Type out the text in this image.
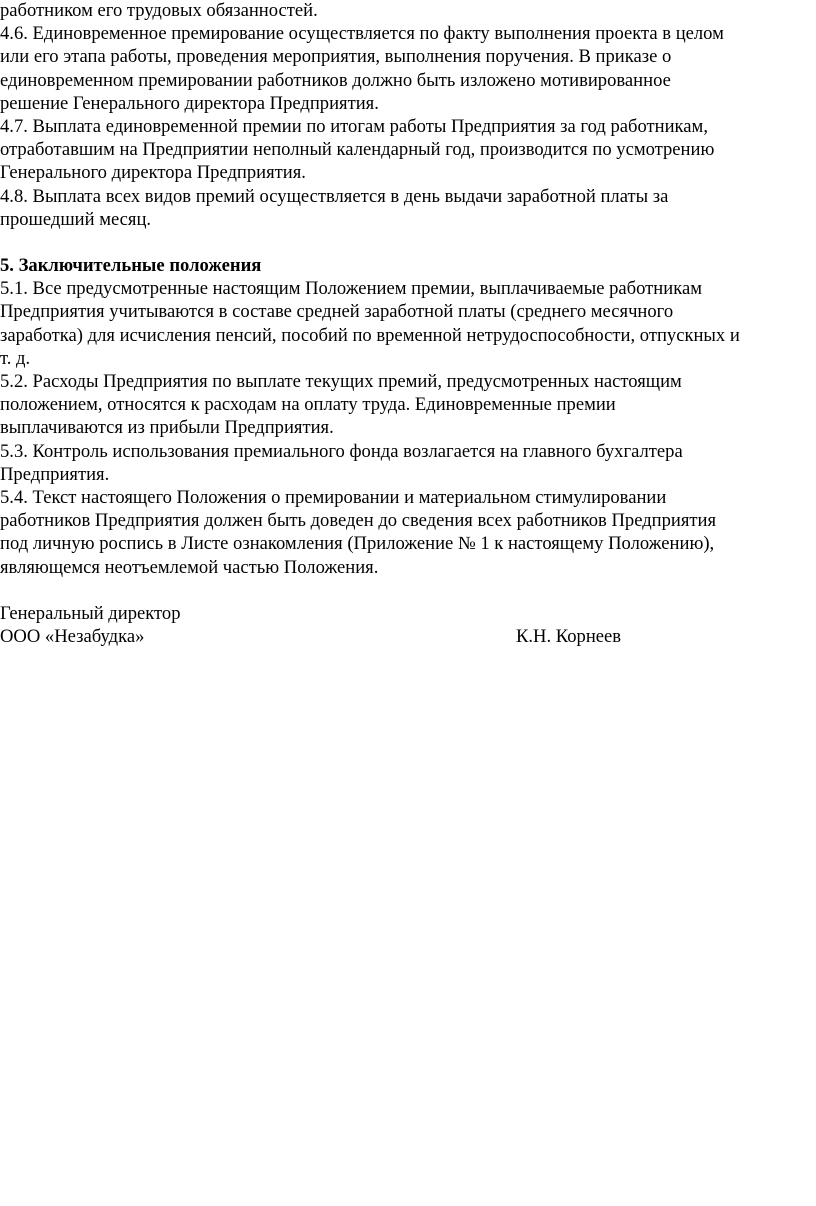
работником его трудовых обязанностей.
4.6. Единовременное премирование осуществляется по факту выполнения проекта в целом
или его этапа работы, проведения мероприятия, выполнения поручения. В приказе о
единовременном премировании работников должно быть изложено мотивированное
решение Генерального директора Предприятия.
4.7. Выплата единовременной премии по итогам работы Предприятия за год работникам,
отработавшим на Предприятии неполный календарный год, производится по усмотрению
Генерального директора Предприятия.
4.8. Выплата всех видов премий осуществляется в день выдачи заработной платы за
прошедший месяц.
5. Заключительные положения
5.1. Все предусмотренные настоящим Положением премии, выплачиваемые работникам
Предприятия учитываются в составе средней заработной платы (среднего месячного
заработка) для исчисления пенсий, пособий по временной нетрудоспособности, отпускных и
т. д.
5.2. Расходы Предприятия по выплате текущих премий, предусмотренных настоящим
положением, относятся к расходам на оплату труда. Единовременные премии
выплачиваются из прибыли Предприятия.
5.3. Контроль использования премиального фонда возлагается на главного бухгалтера
Предприятия.
5.4. Текст настоящего Положения о премировании и материальном стимулировании
работников Предприятия должен быть доведен до сведения всех работников Предприятия
под личную роспись в Листе ознакомления (Приложение № 1 к настоящему Положению),
являющемся неотъемлемой частью Положения.
Генеральный директор
ООО «Незабудка»	К.Н. Корнеев
